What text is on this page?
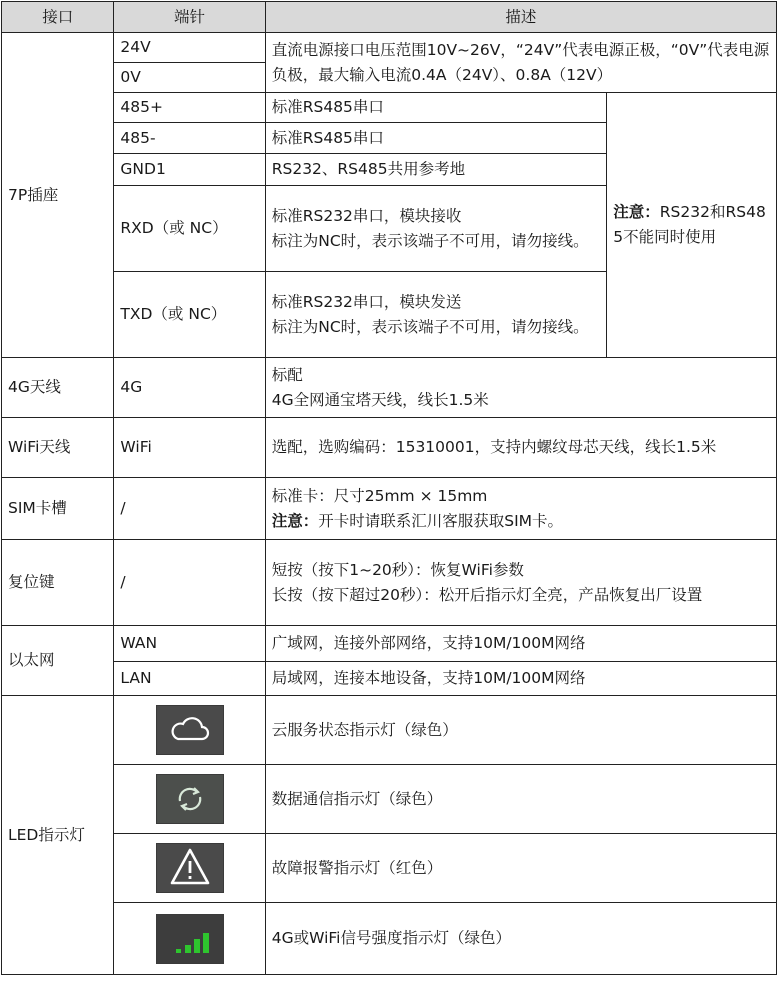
接口	端针	描述	
7P插座	24V	直流电源接口电压范围10V~26V，“24V”代表电源正极，“0V”代表电源负极，最大输入电流0.4A（24V）、0.8A（12V）	
	0V		
	485+	标准RS485串口	注意：RS232和RS485不能同时使用
	485-	标准RS485串口	
	GND1	RS232、RS485共用参考地	
	RXD（或 NC）	标准RS232串口，模块接收
标注为NC时，表示该端子不可用，请勿接线。	

	TXD（或 NC）	标准RS232串口，模块发送
标注为NC时，表示该端子不可用，请勿接线。	

4G天线	4G	标配
4G全网通宝塔天线，线长1.5米	

WiFi天线	WiFi	选配，选购编码：15310001，支持内螺纹母芯天线，线长1.5米	
SIM卡槽	/	标准卡：尺寸25mm × 15mm
注意：开卡时请联系汇川客服获取SIM卡。	

复位键	/	短按（按下1~20秒）：恢复WiFi参数
长按（按下超过20秒）：松开后指示灯全亮，产品恢复出厂设置	

以太网	WAN	广域网，连接外部网络，支持10M/100M网络	
	LAN	局域网，连接本地设备，支持10M/100M网络	
LED指示灯		云服务状态指示灯（绿色）	

	数据通信指示灯（绿色）	

	故障报警指示灯（红色）	

	4G或WiFi信号强度指示灯（绿色）	
